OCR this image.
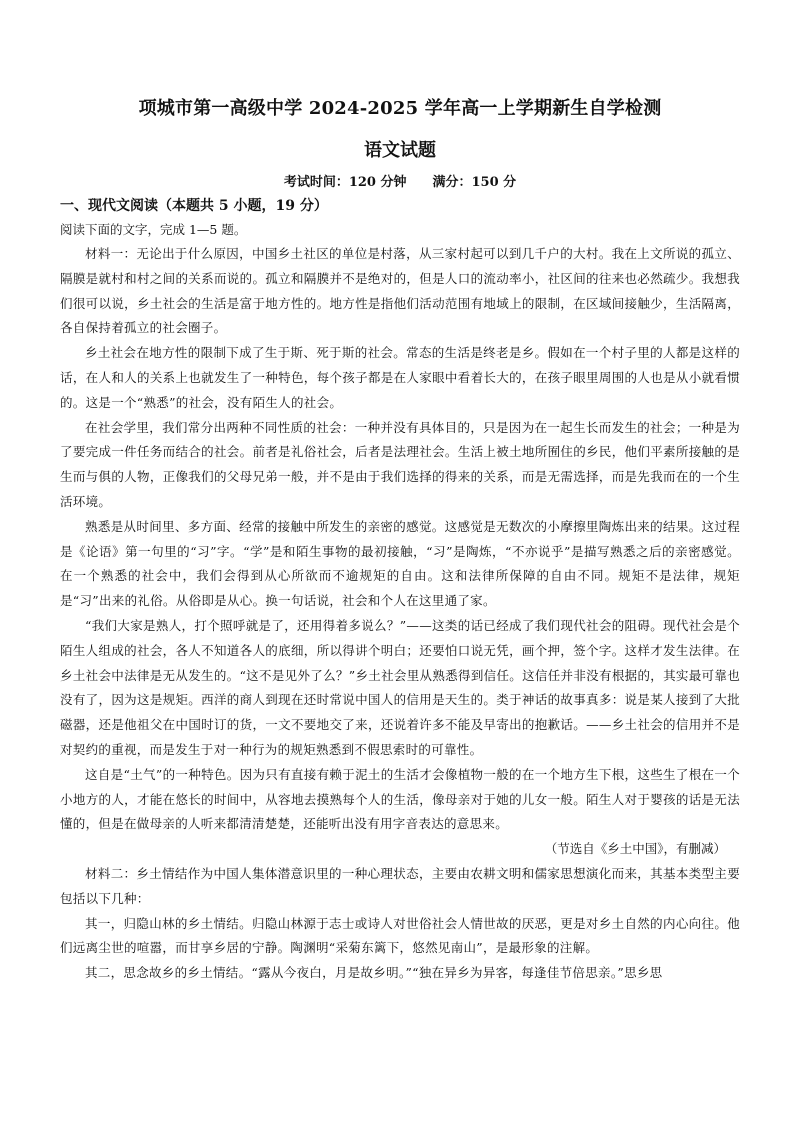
项城市第一高级中学 2024-2025 学年高一上学期新生自学检测
语文试题
考试时间：120 分钟 满分：150 分
一、现代文阅读（本题共 5 小题，19 分）
阅读下面的文字，完成 1—5 题。

材料一：无论出于什么原因，中国乡土社区的单位是村落，从三家村起可以到几千户的大村。我在上文所说的孤立、隔膜是就村和村之间的关系而说的。孤立和隔膜并不是绝对的，但是人口的流动率小，社区间的往来也必然疏少。我想我们很可以说，乡土社会的生活是富于地方性的。地方性是指他们活动范围有地域上的限制，在区域间接触少，生活隔离，各自保持着孤立的社会圈子。

乡土社会在地方性的限制下成了生于斯、死于斯的社会。常态的生活是终老是乡。假如在一个村子里的人都是这样的话，在人和人的关系上也就发生了一种特色，每个孩子都是在人家眼中看着长大的，在孩子眼里周围的人也是从小就看惯的。这是一个“熟悉”的社会，没有陌生人的社会。

在社会学里，我们常分出两种不同性质的社会：一种并没有具体目的，只是因为在一起生长而发生的社会；一种是为了要完成一件任务而结合的社会。前者是礼俗社会，后者是法理社会。生活上被土地所囿住的乡民，他们平素所接触的是生而与俱的人物，正像我们的父母兄弟一般，并不是由于我们选择的得来的关系，而是无需选择，而是先我而在的一个生活环境。

熟悉是从时间里、多方面、经常的接触中所发生的亲密的感觉。这感觉是无数次的小摩擦里陶炼出来的结果。这过程是《论语》第一句里的“习”字。“学”是和陌生事物的最初接触，“习”是陶炼，“不亦说乎”是描写熟悉之后的亲密感觉。在一个熟悉的社会中，我们会得到从心所欲而不逾规矩的自由。这和法律所保障的自由不同。规矩不是法律，规矩是“习”出来的礼俗。从俗即是从心。换一句话说，社会和个人在这里通了家。

“我们大家是熟人，打个照呼就是了，还用得着多说么？”——这类的话已经成了我们现代社会的阻碍。现代社会是个陌生人组成的社会，各人不知道各人的底细，所以得讲个明白；还要怕口说无凭，画个押，签个字。这样才发生法律。在乡土社会中法律是无从发生的。“这不是见外了么？”乡土社会里从熟悉得到信任。这信任并非没有根据的，其实最可靠也没有了，因为这是规矩。西洋的商人到现在还时常说中国人的信用是天生的。类于神话的故事真多：说是某人接到了大批磁器，还是他祖父在中国时订的货，一文不要地交了来，还说着许多不能及早寄出的抱歉话。——乡土社会的信用并不是对契约的重视，而是发生于对一种行为的规矩熟悉到不假思索时的可靠性。

这自是“土气”的一种特色。因为只有直接有赖于泥土的生活才会像植物一般的在一个地方生下根，这些生了根在一个小地方的人，才能在悠长的时间中，从容地去摸熟每个人的生活，像母亲对于她的儿女一般。陌生人对于婴孩的话是无法懂的，但是在做母亲的人听来都清清楚楚，还能听出没有用字音表达的意思来。

（节选自《乡土中国》，有删减）

材料二：乡土情结作为中国人集体潜意识里的一种心理状态，主要由农耕文明和儒家思想演化而来，其基本类型主要包括以下几种：

其一，归隐山林的乡土情结。归隐山林源于志士或诗人对世俗社会人情世故的厌恶，更是对乡土自然的内心向往。他们远离尘世的喧嚣，而甘享乡居的宁静。陶渊明“采菊东篱下，悠然见南山”，是最形象的注解。

其二，思念故乡的乡土情结。“露从今夜白，月是故乡明。”“独在异乡为异客，每逢佳节倍思亲。”思乡思
